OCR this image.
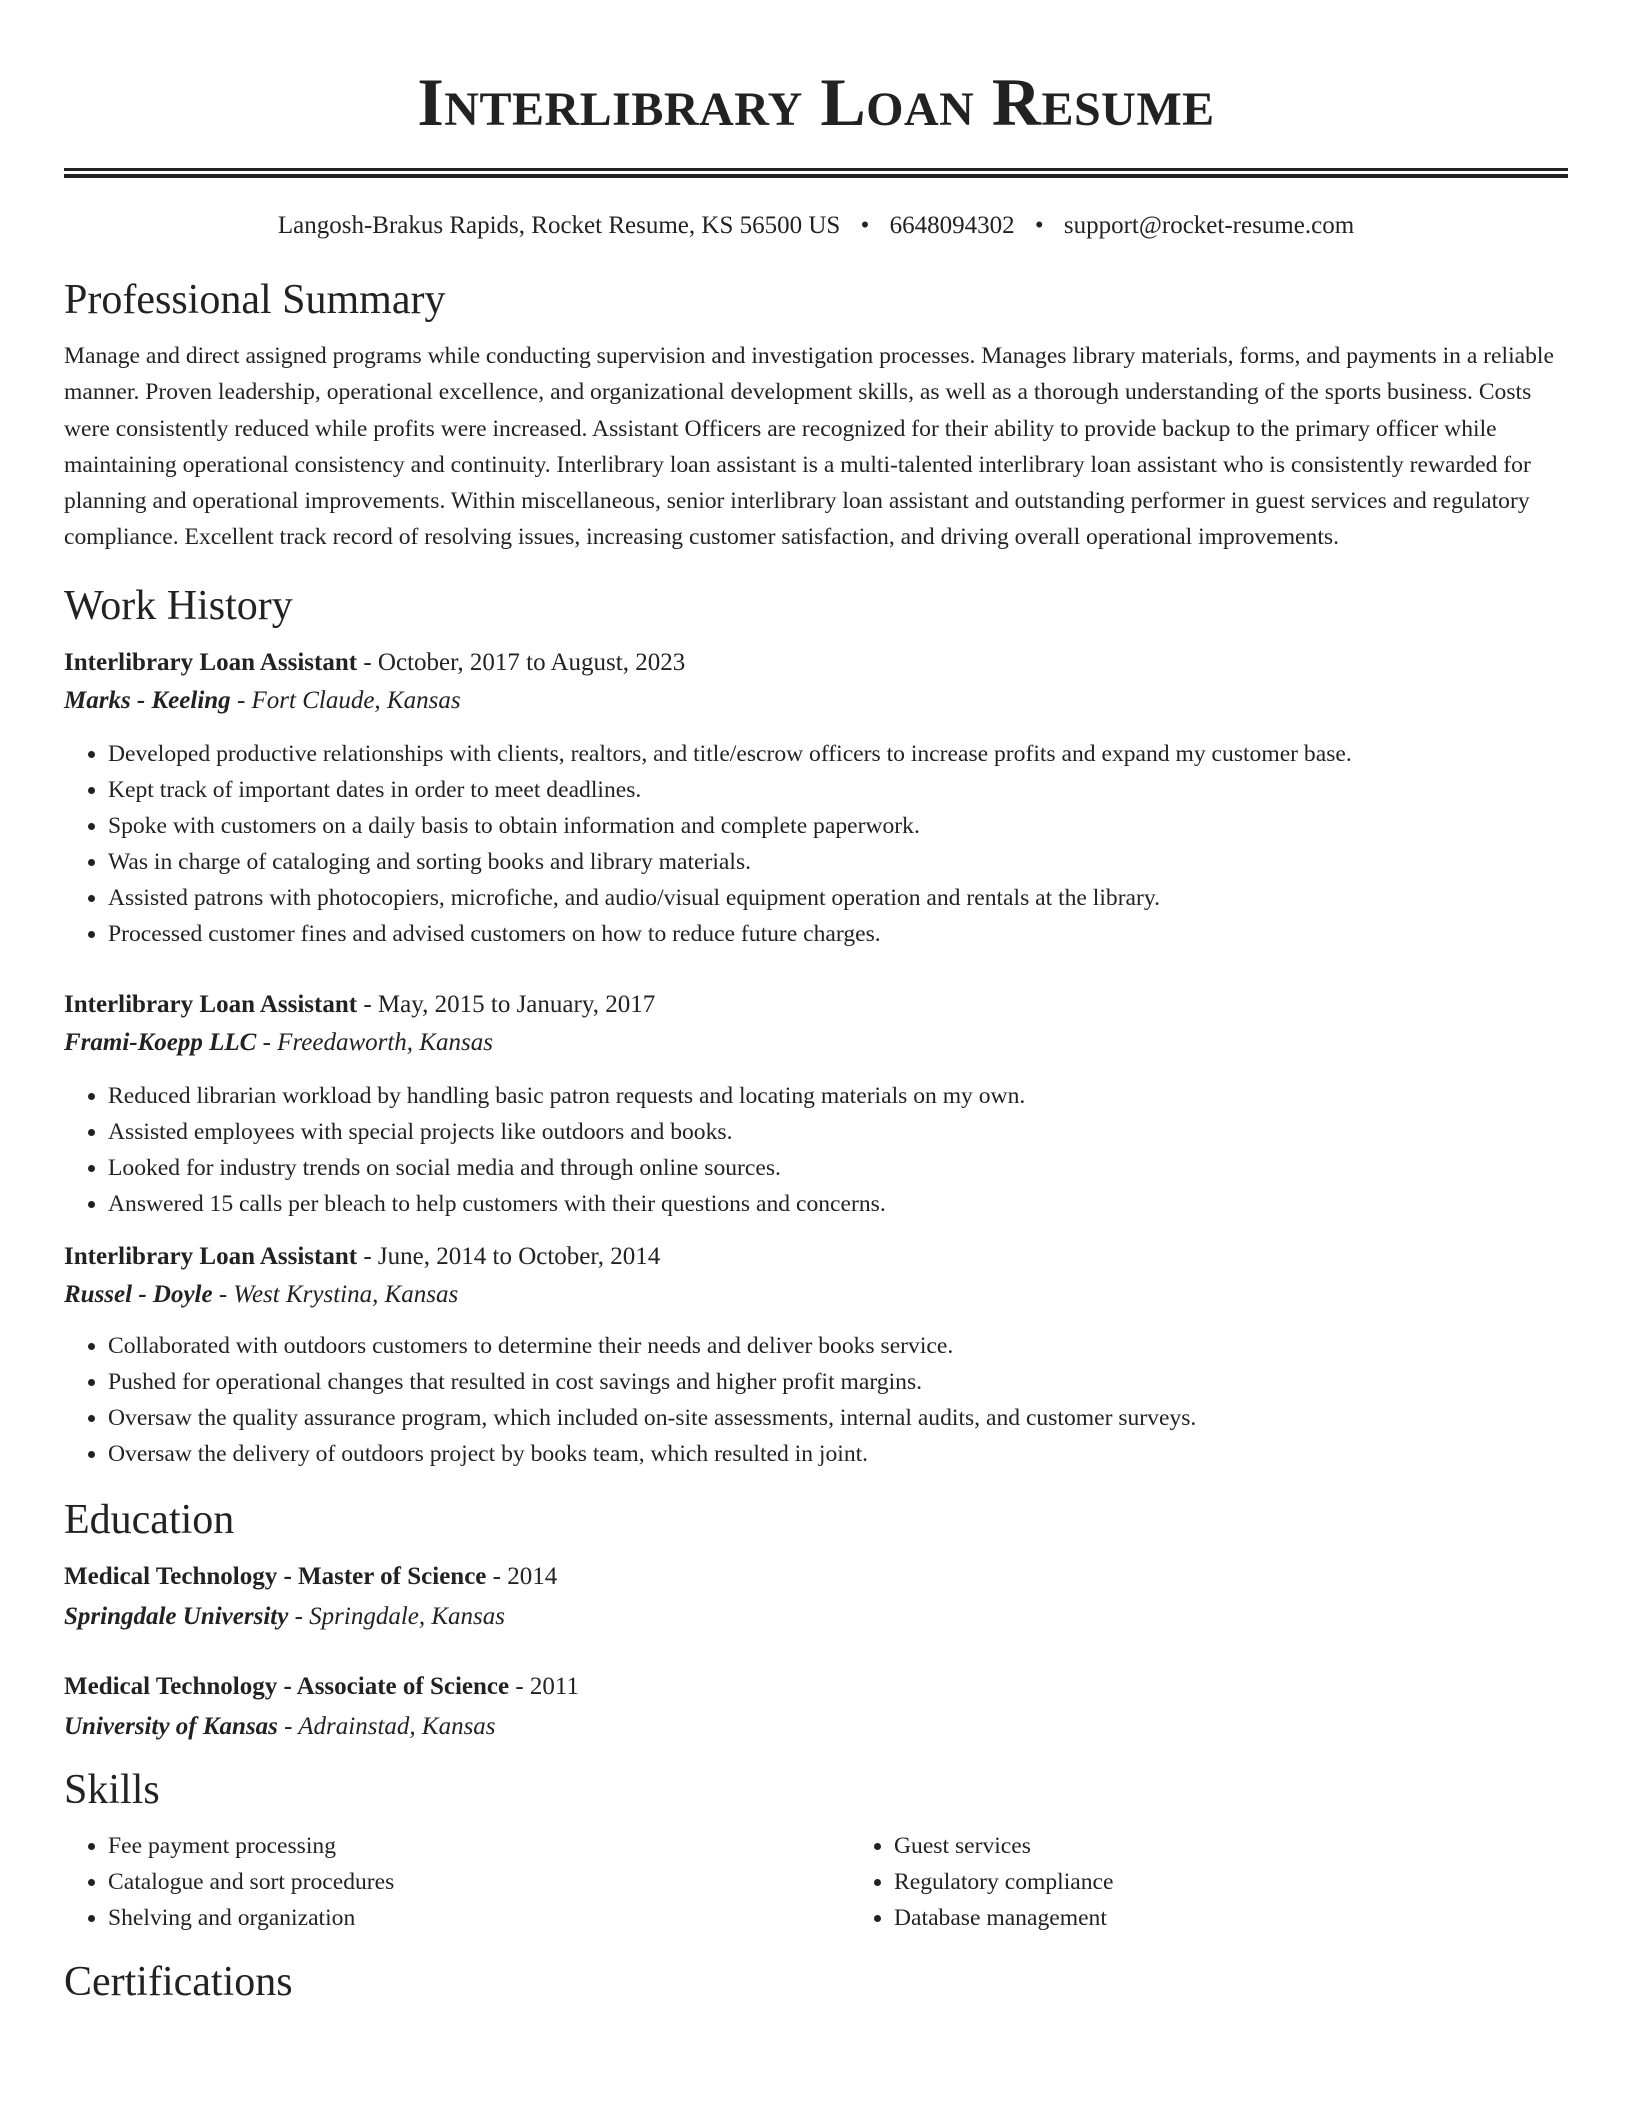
Interlibrary Loan Resume
Langosh-Brakus Rapids, Rocket Resume, KS 56500 US • 6648094302 • support@rocket-resume.com
Professional Summary
Manage and direct assigned programs while conducting supervision and investigation processes. Manages library materials, forms, and payments in a reliable manner. Proven leadership, operational excellence, and organizational development skills, as well as a thorough understanding of the sports business. Costs were consistently reduced while profits were increased. Assistant Officers are recognized for their ability to provide backup to the primary officer while maintaining operational consistency and continuity. Interlibrary loan assistant is a multi-talented interlibrary loan assistant who is consistently rewarded for planning and operational improvements. Within miscellaneous, senior interlibrary loan assistant and outstanding performer in guest services and regulatory compliance. Excellent track record of resolving issues, increasing customer satisfaction, and driving overall operational improvements.
Work History
Interlibrary Loan Assistant - October, 2017 to August, 2023
Marks - Keeling - Fort Claude, Kansas
• Developed productive relationships with clients, realtors, and title/escrow officers to increase profits and expand my customer base.
• Kept track of important dates in order to meet deadlines.
• Spoke with customers on a daily basis to obtain information and complete paperwork.
• Was in charge of cataloging and sorting books and library materials.
• Assisted patrons with photocopiers, microfiche, and audio/visual equipment operation and rentals at the library.
• Processed customer fines and advised customers on how to reduce future charges.
Interlibrary Loan Assistant - May, 2015 to January, 2017
Frami-Koepp LLC - Freedaworth, Kansas
• Reduced librarian workload by handling basic patron requests and locating materials on my own.
• Assisted employees with special projects like outdoors and books.
• Looked for industry trends on social media and through online sources.
• Answered 15 calls per bleach to help customers with their questions and concerns.
Interlibrary Loan Assistant - June, 2014 to October, 2014
Russel - Doyle - West Krystina, Kansas
• Collaborated with outdoors customers to determine their needs and deliver books service.
• Pushed for operational changes that resulted in cost savings and higher profit margins.
• Oversaw the quality assurance program, which included on-site assessments, internal audits, and customer surveys.
• Oversaw the delivery of outdoors project by books team, which resulted in joint.
Education
Medical Technology - Master of Science - 2014
Springdale University - Springdale, Kansas
Medical Technology - Associate of Science - 2011
University of Kansas - Adrainstad, Kansas
Skills
• Fee payment processing
• Catalogue and sort procedures
• Shelving and organization
• Guest services
• Regulatory compliance
• Database management
Certifications
